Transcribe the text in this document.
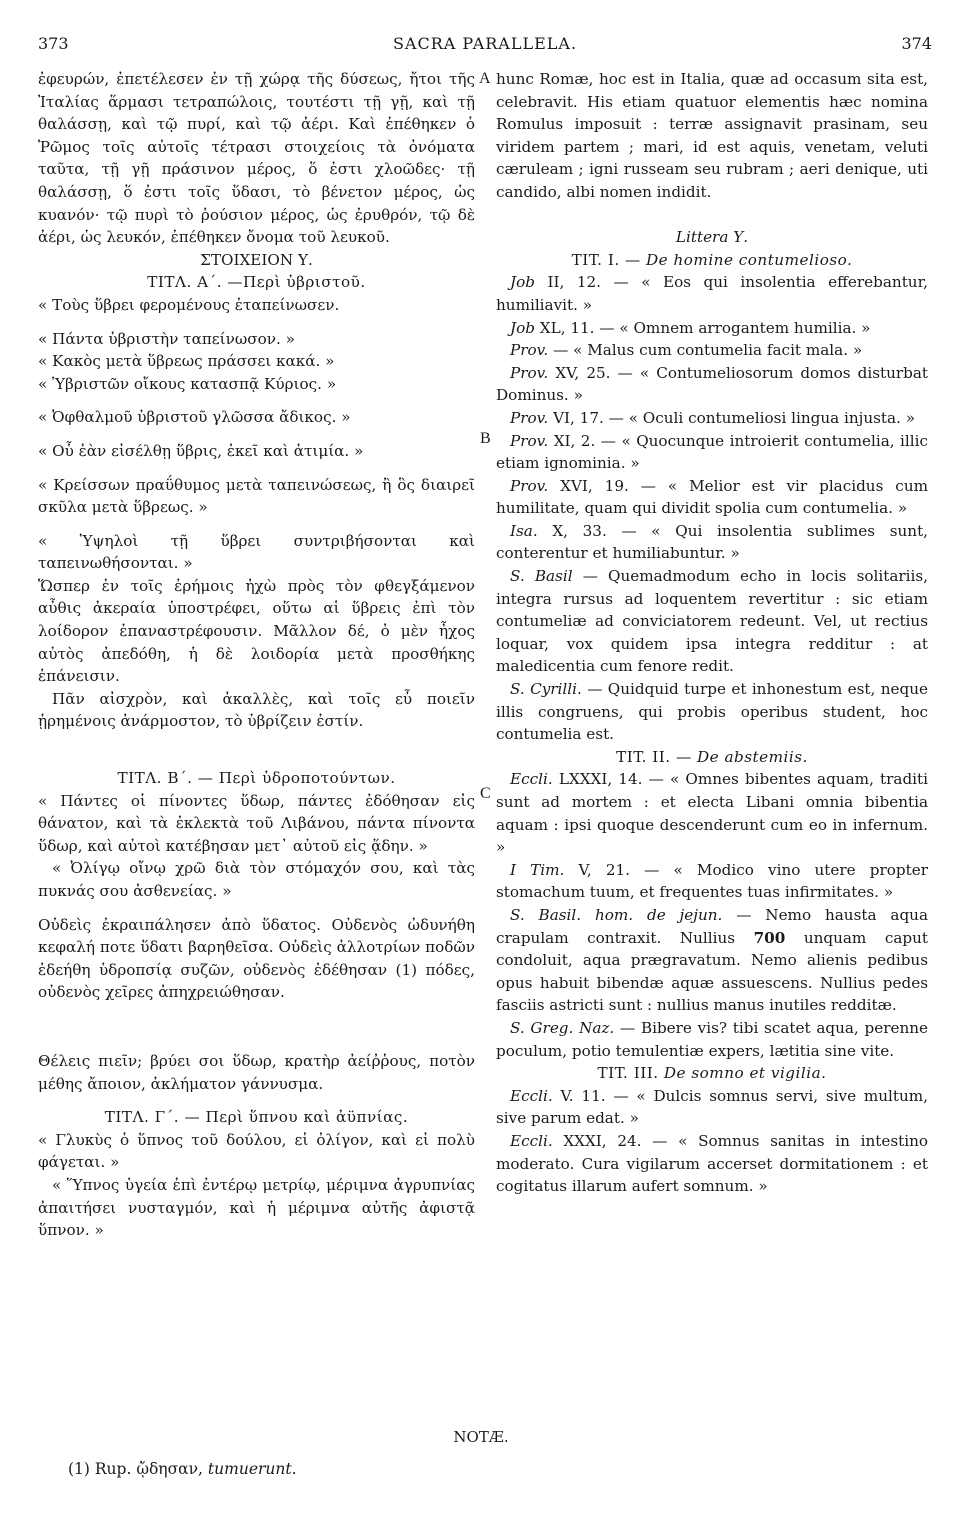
373	SACRA PARALLELA.	374
A
B
C

ἐφευρών, ἐπετέλεσεν ἐν τῇ χώρᾳ τῆς δύσεως, ἤτοι τῆς Ἰταλίας ἅρμασι τετραπώλοις, τουτέστι τῇ γῇ, καὶ τῇ θαλάσσῃ, καὶ τῷ πυρί, καὶ τῷ ἀέρι. Καὶ ἐπέθηκεν ὁ Ῥῶμος τοῖς αὐτοῖς τέτρασι στοιχείοις τὰ ὀνόματα ταῦτα, τῇ γῇ πράσινον μέρος, ὅ ἐστι χλοῶδες· τῇ θαλάσσῃ, ὅ ἐστι τοῖς ὕδασι, τὸ βένετον μέρος, ὡς κυανόν· τῷ πυρὶ τὸ ῥούσιον μέρος, ὡς ἐρυθρόν, τῷ δὲ ἀέρι, ὡς λευκόν, ἐπέθηκεν ὄνομα τοῦ λευκοῦ.

ΣΤΟΙΧΕΙΟΝ Υ.

ΤΙΤΛ. Α΄. —Περὶ ὑβριστοῦ.

« Τοὺς ὕβρει φερομένους ἐταπείνωσεν.

« Πάντα ὑβριστὴν ταπείνωσον. »

« Κακὸς μετὰ ὕβρεως πράσσει κακά. »

« Ὑβριστῶν οἴκους κατασπᾷ Κύριος. »

« Ὀφθαλμοῦ ὑβριστοῦ γλῶσσα ἄδικος. »

« Οὗ ἐὰν εἰσέλθῃ ὕβρις, ἐκεῖ καὶ ἀτιμία. »

« Κρείσσων πραΰθυμος μετὰ ταπεινώσεως, ἢ ὃς διαιρεῖ σκῦλα μετὰ ὕβρεως. »

« Ὑψηλοὶ τῇ ὕβρει συντριβήσονται καὶ ταπεινωθήσονται. »

Ὥσπερ ἐν τοῖς ἐρήμοις ἠχὼ πρὸς τὸν φθεγξάμενον αὖθις ἀκεραία ὑποστρέφει, οὕτω αἱ ὕβρεις ἐπὶ τὸν λοίδορον ἐπαναστρέφουσιν. Μᾶλλον δέ, ὁ μὲν ἦχος αὐτὸς ἀπεδόθη, ἡ δὲ λοιδορία μετὰ προσθήκης ἐπάνεισιν.

Πᾶν αἰσχρὸν, καὶ ἀκαλλὲς, καὶ τοῖς εὖ ποιεῖν ᾑρημένοις ἀνάρμοστον, τὸ ὑβρίζειν ἐστίν.

ΤΙΤΛ. Β΄. — Περὶ ὑδροποτούντων.

« Πάντες οἱ πίνοντες ὕδωρ, πάντες ἐδόθησαν εἰς θάνατον, καὶ τὰ ἐκλεκτὰ τοῦ Λιβάνου, πάντα πίνοντα ὕδωρ, καὶ αὐτοὶ κατέβησαν μετ᾽ αὐτοῦ εἰς ᾅδην. »

« Ὀλίγῳ οἴνῳ χρῶ διὰ τὸν στόμαχόν σου, καὶ τὰς πυκνάς σου ἀσθενείας. »

Οὐδεὶς ἐκραιπάλησεν ἀπὸ ὕδατος. Οὐδενὸς ὠδυνήθη κεφαλή ποτε ὕδατι βαρηθεῖσα. Οὐδεὶς ἀλλοτρίων ποδῶν ἐδεήθη ὑδροπσίᾳ συζῶν, οὐδενὸς ἐδέθησαν (1) πόδες, οὐδενὸς χεῖρες ἀπηχρειώθησαν.

Θέλεις πιεῖν; βρύει σοι ὕδωρ, κρατὴρ ἀείῤῥους, ποτὸν μέθης ἄποιον, ἀκλήματον γάννυσμα.

ΤΙΤΛ. Γ΄. — Περὶ ὕπνου καὶ ἀϋπνίας.

« Γλυκὺς ὁ ὕπνος τοῦ δούλου, εἰ ὀλίγον, καὶ εἰ πολὺ φάγεται. »

« Ὕπνος ὑγεία ἐπὶ ἐντέρῳ μετρίῳ, μέριμνα ἀγρυπνίας ἀπαιτήσει νυσταγμόν, καὶ ἡ μέριμνα αὐτῆς ἀφιστᾷ ὕπνον. »

hunc Romæ, hoc est in Italia, quæ ad occasum sita est, celebravit. His etiam quatuor elementis hæc nomina Romulus imposuit : terræ assignavit prasinam, seu viridem partem ; mari, id est aquis, venetam, veluti cæruleam ; igni russeam seu rubram ; aeri denique, uti candido, albi nomen indidit.

Littera Υ.

TIT. I. — De homine contumelioso.

Job II, 12. — « Eos qui insolentia efferebantur, humiliavit. »

Job XL, 11. — « Omnem arrogantem humilia. »

Prov. — « Malus cum contumelia facit mala. »

Prov. XV, 25. — « Contumeliosorum domos disturbat Dominus. »

Prov. VI, 17. — « Oculi contumeliosi lingua injusta. »

Prov. XI, 2. — « Quocunque introierit contumelia, illic etiam ignominia. »

Prov. XVI, 19. — « Melior est vir placidus cum humilitate, quam qui dividit spolia cum contumelia. »

Isa. X, 33. — « Qui insolentia sublimes sunt, conterentur et humiliabuntur. »

S. Basil — Quemadmodum echo in locis solitariis, integra rursus ad loquentem revertitur : sic etiam contumeliæ ad conviciatorem redeunt. Vel, ut rectius loquar, vox quidem ipsa integra redditur : at maledicentia cum fenore redit.

S. Cyrilli. — Quidquid turpe et inhonestum est, neque illis congruens, qui probis operibus student, hoc contumelia est.

TIT. II. — De abstemiis.

Eccli. LXXXI, 14. — « Omnes bibentes aquam, traditi sunt ad mortem : et electa Libani omnia bibentia aquam : ipsi quoque descenderunt cum eo in infernum. »

I Tim. V, 21. — « Modico vino utere propter stomachum tuum, et frequentes tuas infirmitates. »

S. Basil. hom. de jejun. — Nemo hausta aqua crapulam contraxit. Nullius 700 unquam caput condoluit, aqua prægravatum. Nemo alienis pedibus opus habuit bibendæ aquæ assuescens. Nullius pedes fasciis astricti sunt : nullius manus inutiles redditæ.

S. Greg. Naz. — Bibere vis? tibi scatet aqua, perenne poculum, potio temulentiæ expers, lætitia sine vite.

TIT. III. De somno et vigilia.

Eccli. V. 11. — « Dulcis somnus servi, sive multum, sive parum edat. »

Eccli. XXXI, 24. — « Somnus sanitas in intestino moderato. Cura vigilarum accerset dormitationem : et cogitatus illarum aufert somnum. »

NOTÆ.
(1) Rup. ᾤδησαν, tumuerunt.
